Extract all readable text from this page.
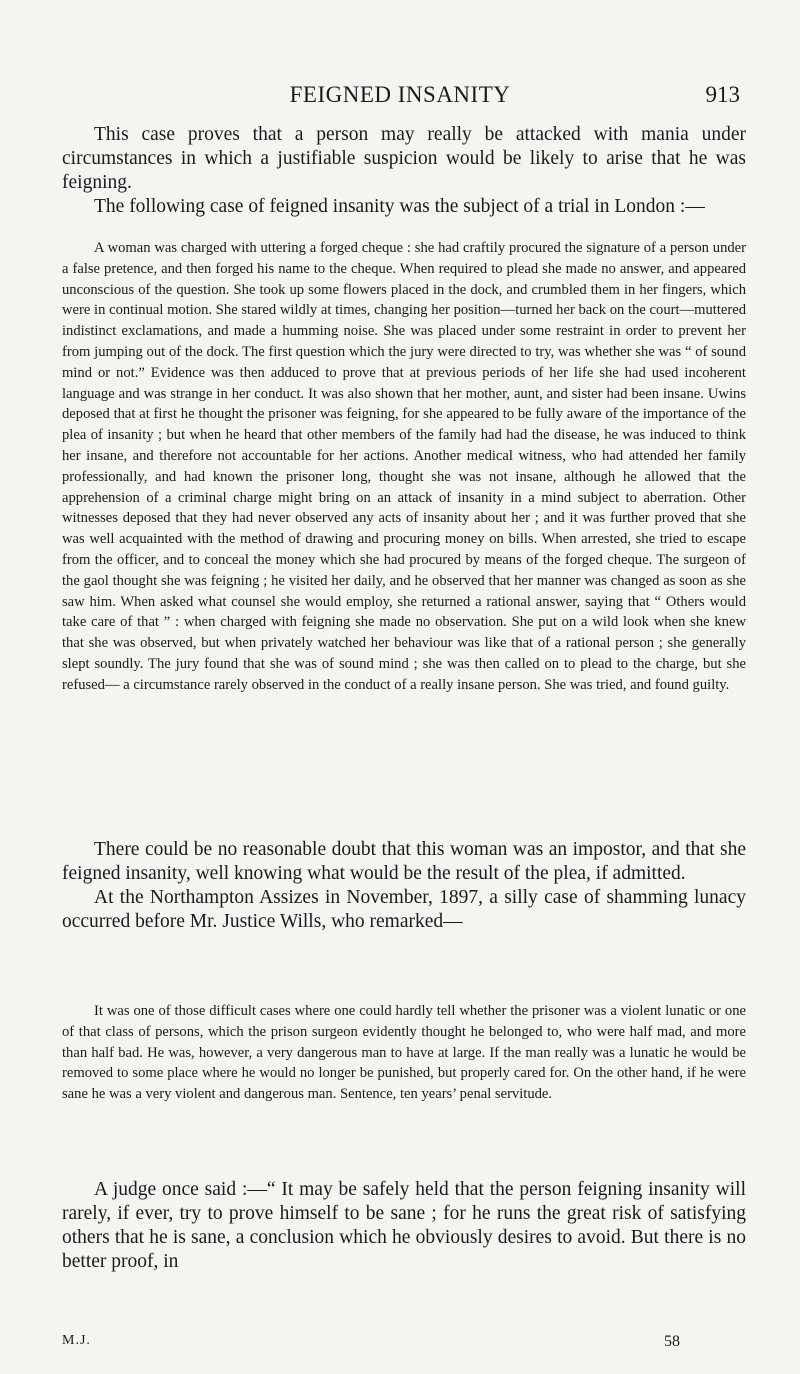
FEIGNED INSANITY	913

This case proves that a person may really be attacked with mania under circumstances in which a justifiable suspicion would be likely to arise that he was feigning.

The following case of feigned insanity was the subject of a trial in London :—

A woman was charged with uttering a forged cheque : she had craftily procured the signature of a person under a false pretence, and then forged his name to the cheque. When required to plead she made no answer, and appeared unconscious of the question. She took up some flowers placed in the dock, and crumbled them in her fingers, which were in continual motion. She stared wildly at times, changing her position—turned her back on the court—muttered indistinct exclamations, and made a humming noise. She was placed under some restraint in order to prevent her from jumping out of the dock. The first question which the jury were directed to try, was whether she was “ of sound mind or not.” Evidence was then adduced to prove that at previous periods of her life she had used incoherent language and was strange in her conduct. It was also shown that her mother, aunt, and sister had been insane. Uwins deposed that at first he thought the prisoner was feigning, for she appeared to be fully aware of the importance of the plea of insanity ; but when he heard that other members of the family had had the disease, he was induced to think her insane, and therefore not accountable for her actions. Another medical witness, who had attended her family professionally, and had known the prisoner long, thought she was not insane, although he allowed that the apprehension of a criminal charge might bring on an attack of insanity in a mind subject to aberration. Other witnesses deposed that they had never observed any acts of insanity about her ; and it was further proved that she was well acquainted with the method of drawing and procuring money on bills. When arrested, she tried to escape from the officer, and to conceal the money which she had procured by means of the forged cheque. The surgeon of the gaol thought she was feigning ; he visited her daily, and he observed that her manner was changed as soon as she saw him. When asked what counsel she would employ, she returned a rational answer, saying that “ Others would take care of that ” : when charged with feigning she made no observation. She put on a wild look when she knew that she was observed, but when privately watched her behaviour was like that of a rational person ; she generally slept soundly. The jury found that she was of sound mind ; she was then called on to plead to the charge, but she refused— a circumstance rarely observed in the conduct of a really insane person. She was tried, and found guilty.

There could be no reasonable doubt that this woman was an impostor, and that she feigned insanity, well knowing what would be the result of the plea, if admitted.

At the Northampton Assizes in November, 1897, a silly case of shamming lunacy occurred before Mr. Justice Wills, who remarked—

It was one of those difficult cases where one could hardly tell whether the prisoner was a violent lunatic or one of that class of persons, which the prison surgeon evidently thought he belonged to, who were half mad, and more than half bad. He was, however, a very dangerous man to have at large. If the man really was a lunatic he would be removed to some place where he would no longer be punished, but properly cared for. On the other hand, if he were sane he was a very violent and dangerous man. Sentence, ten years’ penal servitude.

A judge once said :—“ It may be safely held that the person feigning insanity will rarely, if ever, try to prove himself to be sane ; for he runs the great risk of satisfying others that he is sane, a conclusion which he obviously desires to avoid. But there is no better proof, in

M.J.	58
